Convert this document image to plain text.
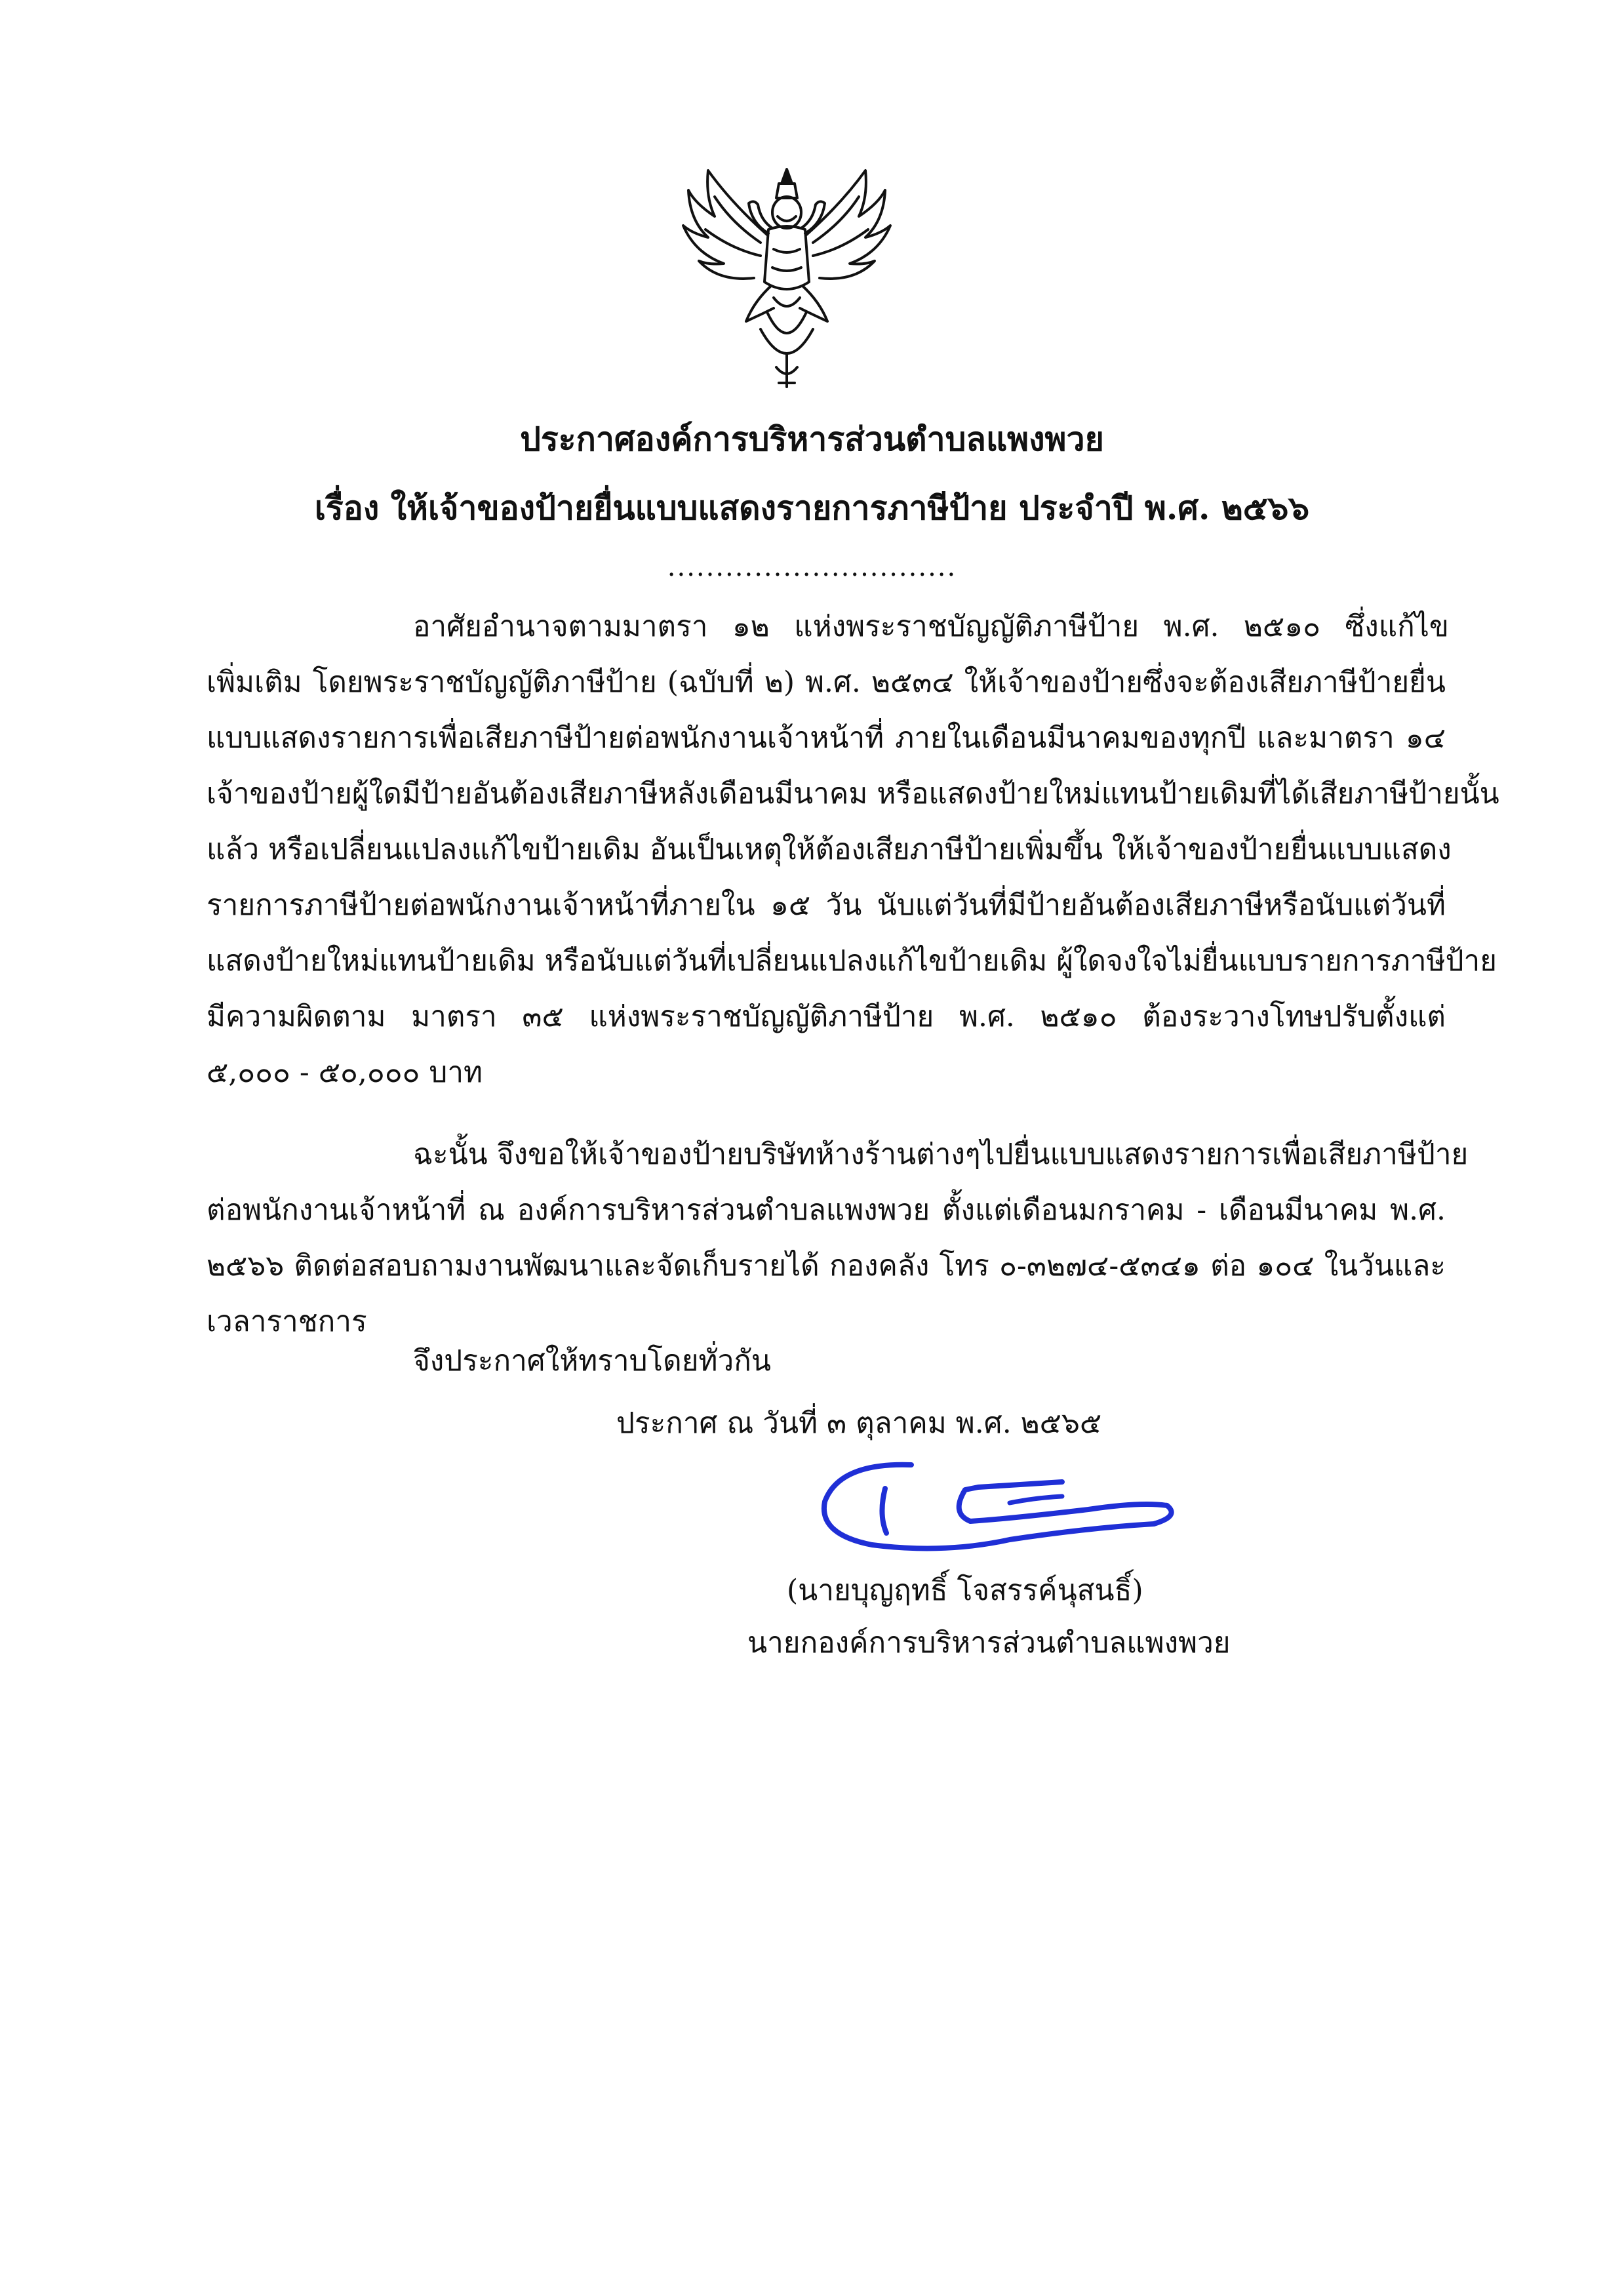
ประกาศองค์การบริหารส่วนตำบลแพงพวย
เรื่อง ให้เจ้าของป้ายยื่นแบบแสดงรายการภาษีป้าย ประจำปี พ.ศ. ๒๕๖๖
..............................
อาศัยอำนาจตามมาตรา ๑๒ แห่งพระราชบัญญัติภาษีป้าย พ.ศ. ๒๕๑๐ ซึ่งแก้ไข
เพิ่มเติม โดยพระราชบัญญัติภาษีป้าย (ฉบับที่ ๒) พ.ศ. ๒๕๓๔ ให้เจ้าของป้ายซึ่งจะต้องเสียภาษีป้ายยื่น
แบบแสดงรายการเพื่อเสียภาษีป้ายต่อพนักงานเจ้าหน้าที่ ภายในเดือนมีนาคมของทุกปี และมาตรา ๑๔
เจ้าของป้ายผู้ใดมีป้ายอันต้องเสียภาษีหลังเดือนมีนาคม หรือแสดงป้ายใหม่แทนป้ายเดิมที่ได้เสียภาษีป้ายนั้น
แล้ว หรือเปลี่ยนแปลงแก้ไขป้ายเดิม อันเป็นเหตุให้ต้องเสียภาษีป้ายเพิ่มขึ้น ให้เจ้าของป้ายยื่นแบบแสดง
รายการภาษีป้ายต่อพนักงานเจ้าหน้าที่ภายใน ๑๕ วัน นับแต่วันที่มีป้ายอันต้องเสียภาษีหรือนับแต่วันที่
แสดงป้ายใหม่แทนป้ายเดิม หรือนับแต่วันที่เปลี่ยนแปลงแก้ไขป้ายเดิม ผู้ใดจงใจไม่ยื่นแบบรายการภาษีป้าย
มีความผิดตาม มาตรา ๓๕ แห่งพระราชบัญญัติภาษีป้าย พ.ศ. ๒๕๑๐ ต้องระวางโทษปรับตั้งแต่
๕,๐๐๐ - ๕๐,๐๐๐ บาท
ฉะนั้น จึงขอให้เจ้าของป้ายบริษัทห้างร้านต่างๆไปยื่นแบบแสดงรายการเพื่อเสียภาษีป้าย
ต่อพนักงานเจ้าหน้าที่ ณ องค์การบริหารส่วนตำบลแพงพวย ตั้งแต่เดือนมกราคม - เดือนมีนาคม พ.ศ.
๒๕๖๖ ติดต่อสอบถามงานพัฒนาและจัดเก็บรายได้ กองคลัง โทร ๐-๓๒๗๔-๕๓๔๑ ต่อ ๑๐๔ ในวันและ
เวลาราชการ
จึงประกาศให้ทราบโดยทั่วกัน
ประกาศ ณ วันที่ ๓ ตุลาคม พ.ศ. ๒๕๖๕
(นายบุญฤทธิ์ โจสรรค์นุสนธิ์)
นายกองค์การบริหารส่วนตำบลแพงพวย
